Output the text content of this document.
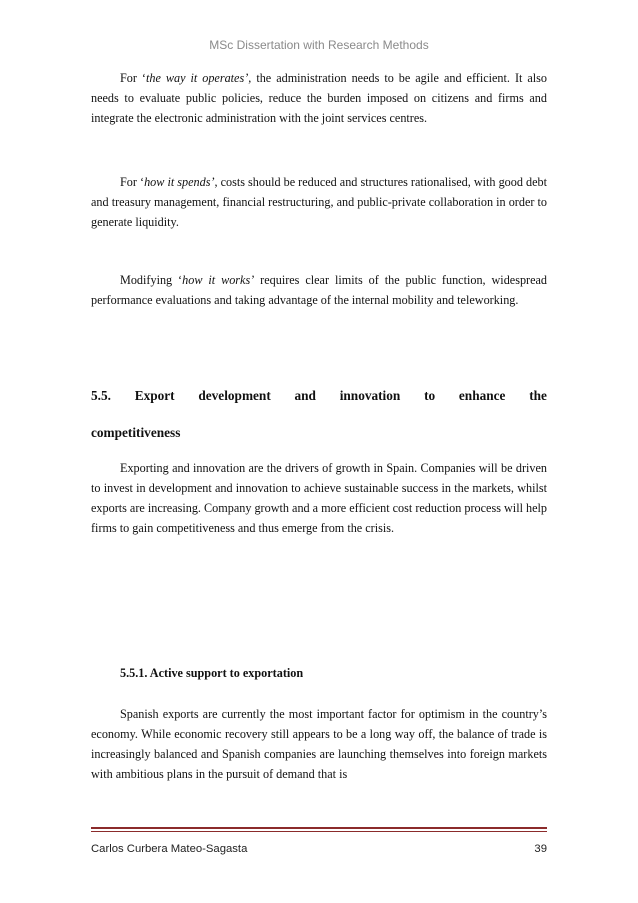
MSc Dissertation with Research Methods

For ‘the way it operates’, the administration needs to be agile and efficient. It also needs to evaluate public policies, reduce the burden imposed on citizens and firms and integrate the electronic administration with the joint services centres.

For ‘how it spends’, costs should be reduced and structures rationalised, with good debt and treasury management, financial restructuring, and public-private collaboration in order to generate liquidity.

Modifying ‘how it works’ requires clear limits of the public function, widespread performance evaluations and taking advantage of the internal mobility and teleworking.

5.5. Export development and innovation to enhance the
competitiveness

Exporting and innovation are the drivers of growth in Spain. Companies will be driven to invest in development and innovation to achieve sustainable success in the markets, whilst exports are increasing. Company growth and a more efficient cost reduction process will help firms to gain competitiveness and thus emerge from the crisis.

5.5.1. Active support to exportation

Spanish exports are currently the most important factor for optimism in the country’s economy. While economic recovery still appears to be a long way off, the balance of trade is increasingly balanced and Spanish companies are launching themselves into foreign markets with ambitious plans in the pursuit of demand that is

Carlos Curbera Mateo-Sagasta	39
